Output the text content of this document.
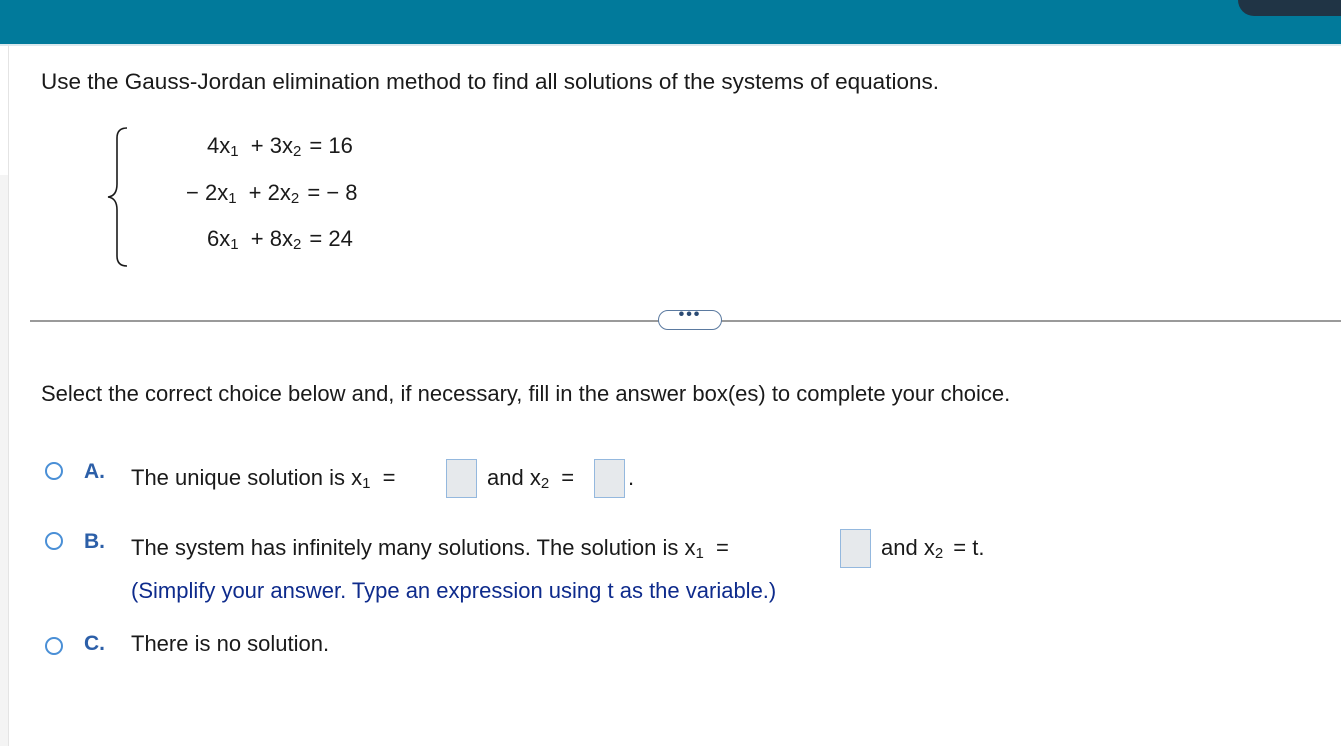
Use the Gauss-Jordan elimination method to find all solutions of the systems of equations.
$4x_1 + 3x_2 = 16$
− $2x_1 + 2x_2$ = − 8
$6x_1 + 8x_2 = 24$
•••
Select the correct choice below and, if necessary, fill in the answer box(es) to complete your choice.
A. The unique solution is $x_1$ =	and $x_2$ = .
B. The system has infinitely many solutions. The solution is $x_1$ =	and $x_2 = t$.
(Simplify your answer. Type an expression using t as the variable.)
C. There is no solution.
